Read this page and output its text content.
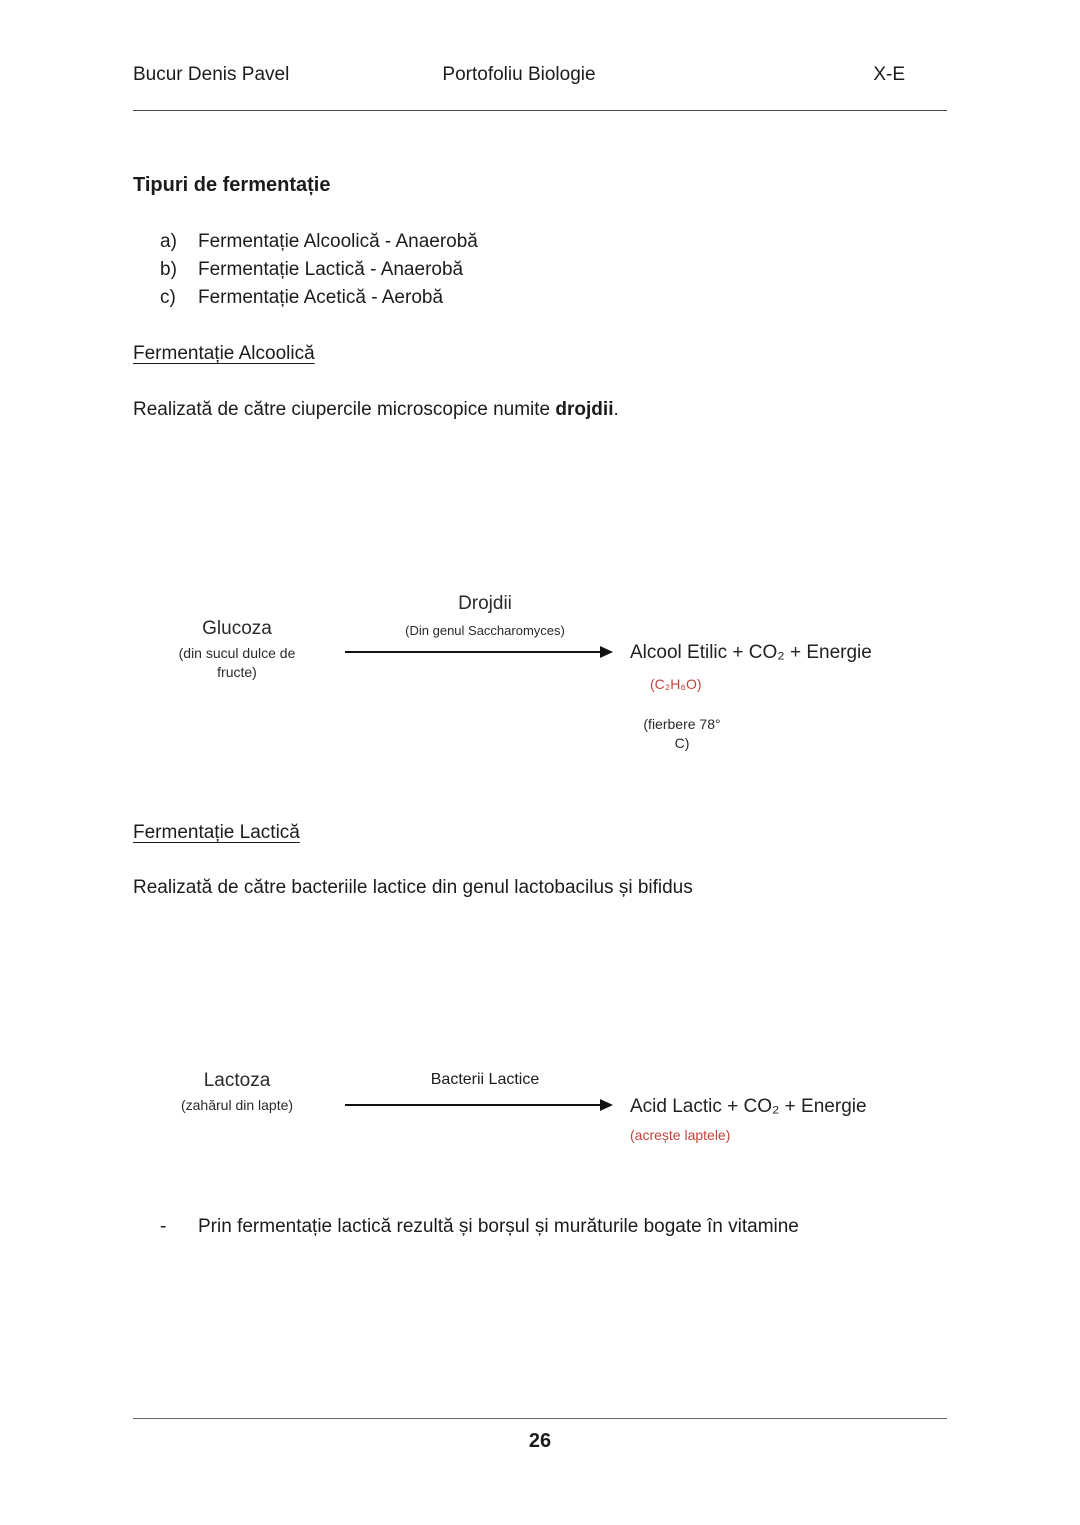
Bucur Denis Pavel	Portofoliu Biologie	X-E
Tipuri de fermentație
a)	Fermentație Alcoolică - Anaerobă
b)	Fermentație Lactică - Anaerobă
c)	Fermentație Acetică - Aerobă
Fermentație Alcoolică

Realizată de către ciupercile microscopice numite drojdii.

Drojdii
(Din genul Saccharomyces)
Glucoza
(din sucul dulce de
fructe)
Alcool Etilic + CO₂ + Energie
(C₂H₆O)
(fierbere 78°
C)
Fermentație Lactică

Realizată de către bacteriile lactice din genul lactobacilus și bifidus

Lactoza
(zahărul din lapte)
Bacterii Lactice
Acid Lactic + CO₂ + Energie
(acrește laptele)
-	Prin fermentație lactică rezultă și borșul și murăturile bogate în vitamine
26
